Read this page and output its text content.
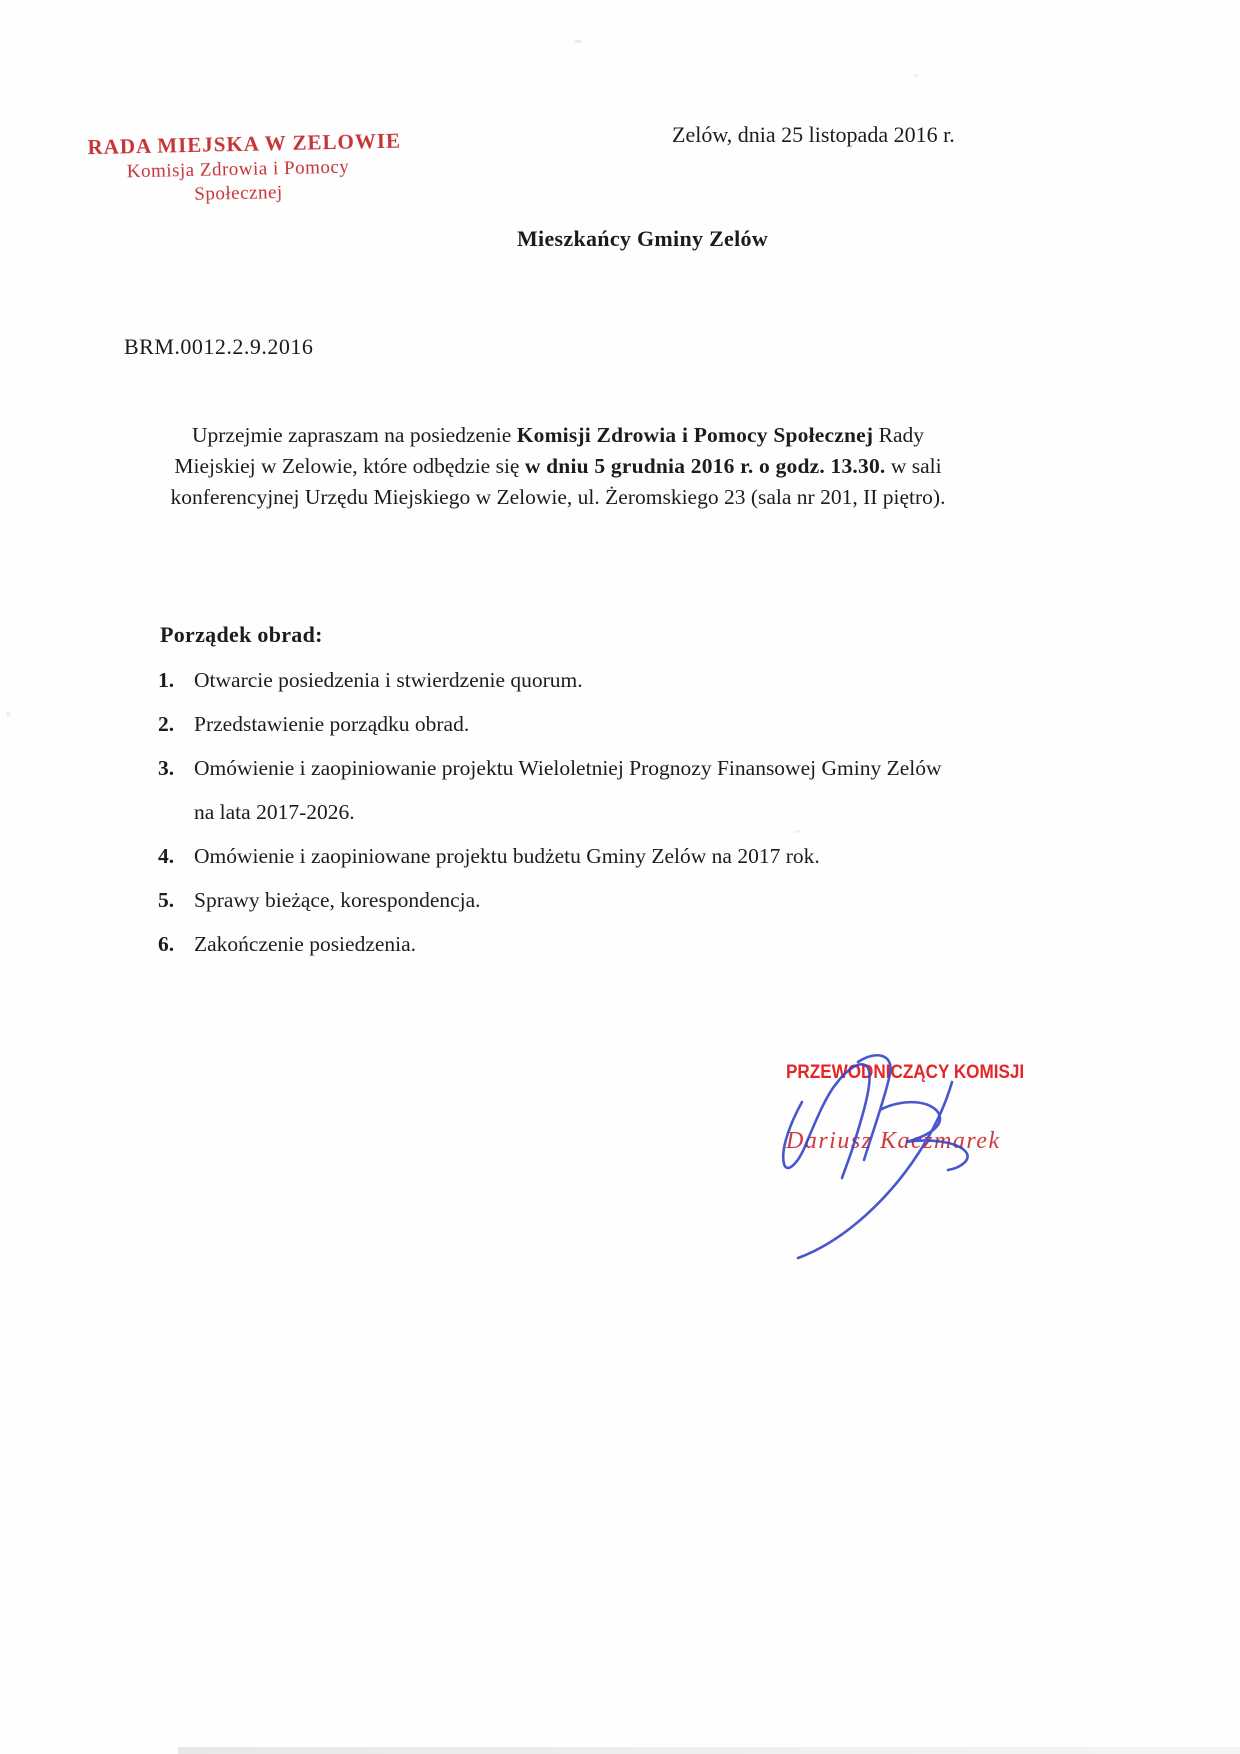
RADA MIEJSKA W ZELOWIE
Komisja Zdrowia i Pomocy
Społecznej
Zelów, dnia 25 listopada 2016 r.
Mieszkańcy Gminy Zelów
BRM.0012.2.9.2016
Uprzejmie zapraszam na posiedzenie Komisji Zdrowia i Pomocy Społecznej Rady Miejskiej w Zelowie, które odbędzie się w dniu 5 grudnia 2016 r. o godz. 13.30. w sali konferencyjnej Urzędu Miejskiego w Zelowie, ul. Żeromskiego 23 (sala nr 201, II piętro).
Porządek obrad:
1. Otwarcie posiedzenia i stwierdzenie quorum.
2. Przedstawienie porządku obrad.
3. Omówienie i zaopiniowanie projektu Wieloletniej Prognozy Finansowej Gminy Zelów na lata 2017-2026.
4. Omówienie i zaopiniowane projektu budżetu Gminy Zelów na 2017 rok.
5. Sprawy bieżące, korespondencja.
6. Zakończenie posiedzenia.
PRZEWODNICZĄCY KOMISJI
Dariusz Kaczmarek
